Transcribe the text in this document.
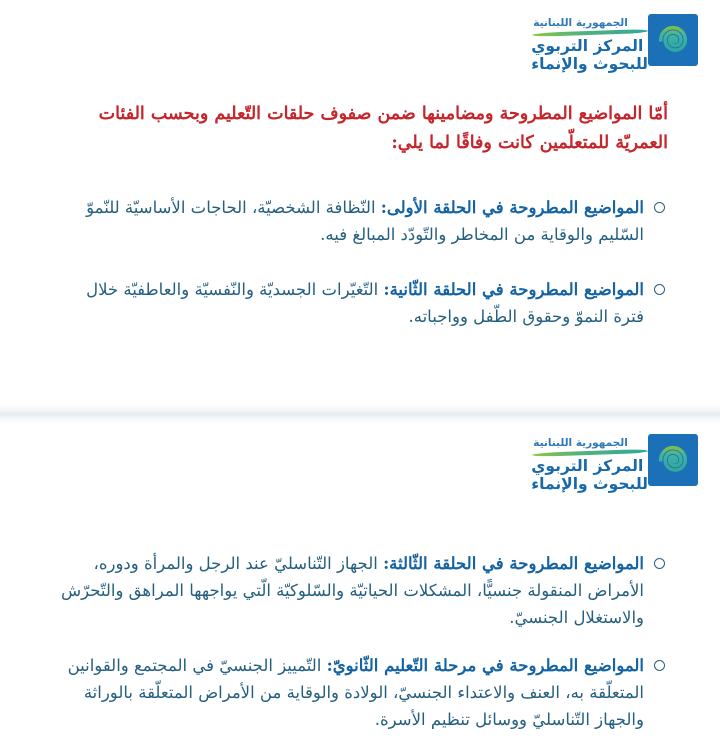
الجمهورية اللبنانية
المركز التربوي
للبحوث والإنماء
أمّا المواضيع المطروحة ومضامينها ضمن صفوف حلقات التّعليم وبحسب الفئات العمريّة للمتعلّمين كانت وفاقًا لما يلي:

المواضيع المطروحة في الحلقة الأولى: النّظافة الشخصيّة، الحاجات الأساسيّة للنّموّ السّليم والوقاية من المخاطر والتّودّد المبالغ فيه.

المواضيع المطروحة في الحلقة الثّانية: التّغيّرات الجسديّة والنّفسيّة والعاطفيّة خلال فترة النموّ وحقوق الطّفل وواجباته.

الجمهورية اللبنانية
المركز التربوي
للبحوث والإنماء

المواضيع المطروحة في الحلقة الثّالثة: الجهاز التّناسليّ عند الرجل والمرأة ودوره، الأمراض المنقولة جنسيًّا، المشكلات الحياتيّة والسّلوكيّة الّتي يواجهها المراهق والتّحرّش والاستغلال الجنسيّ.

المواضيع المطروحة في مرحلة التّعليم الثّانويّ: التّمييز الجنسيّ في المجتمع والقوانين المتعلّقة به، العنف والاعتداء الجنسيّ، الولادة والوقاية من الأمراض المتعلّقة بالوراثة والجهاز التّناسليّ ووسائل تنظيم الأسرة.
